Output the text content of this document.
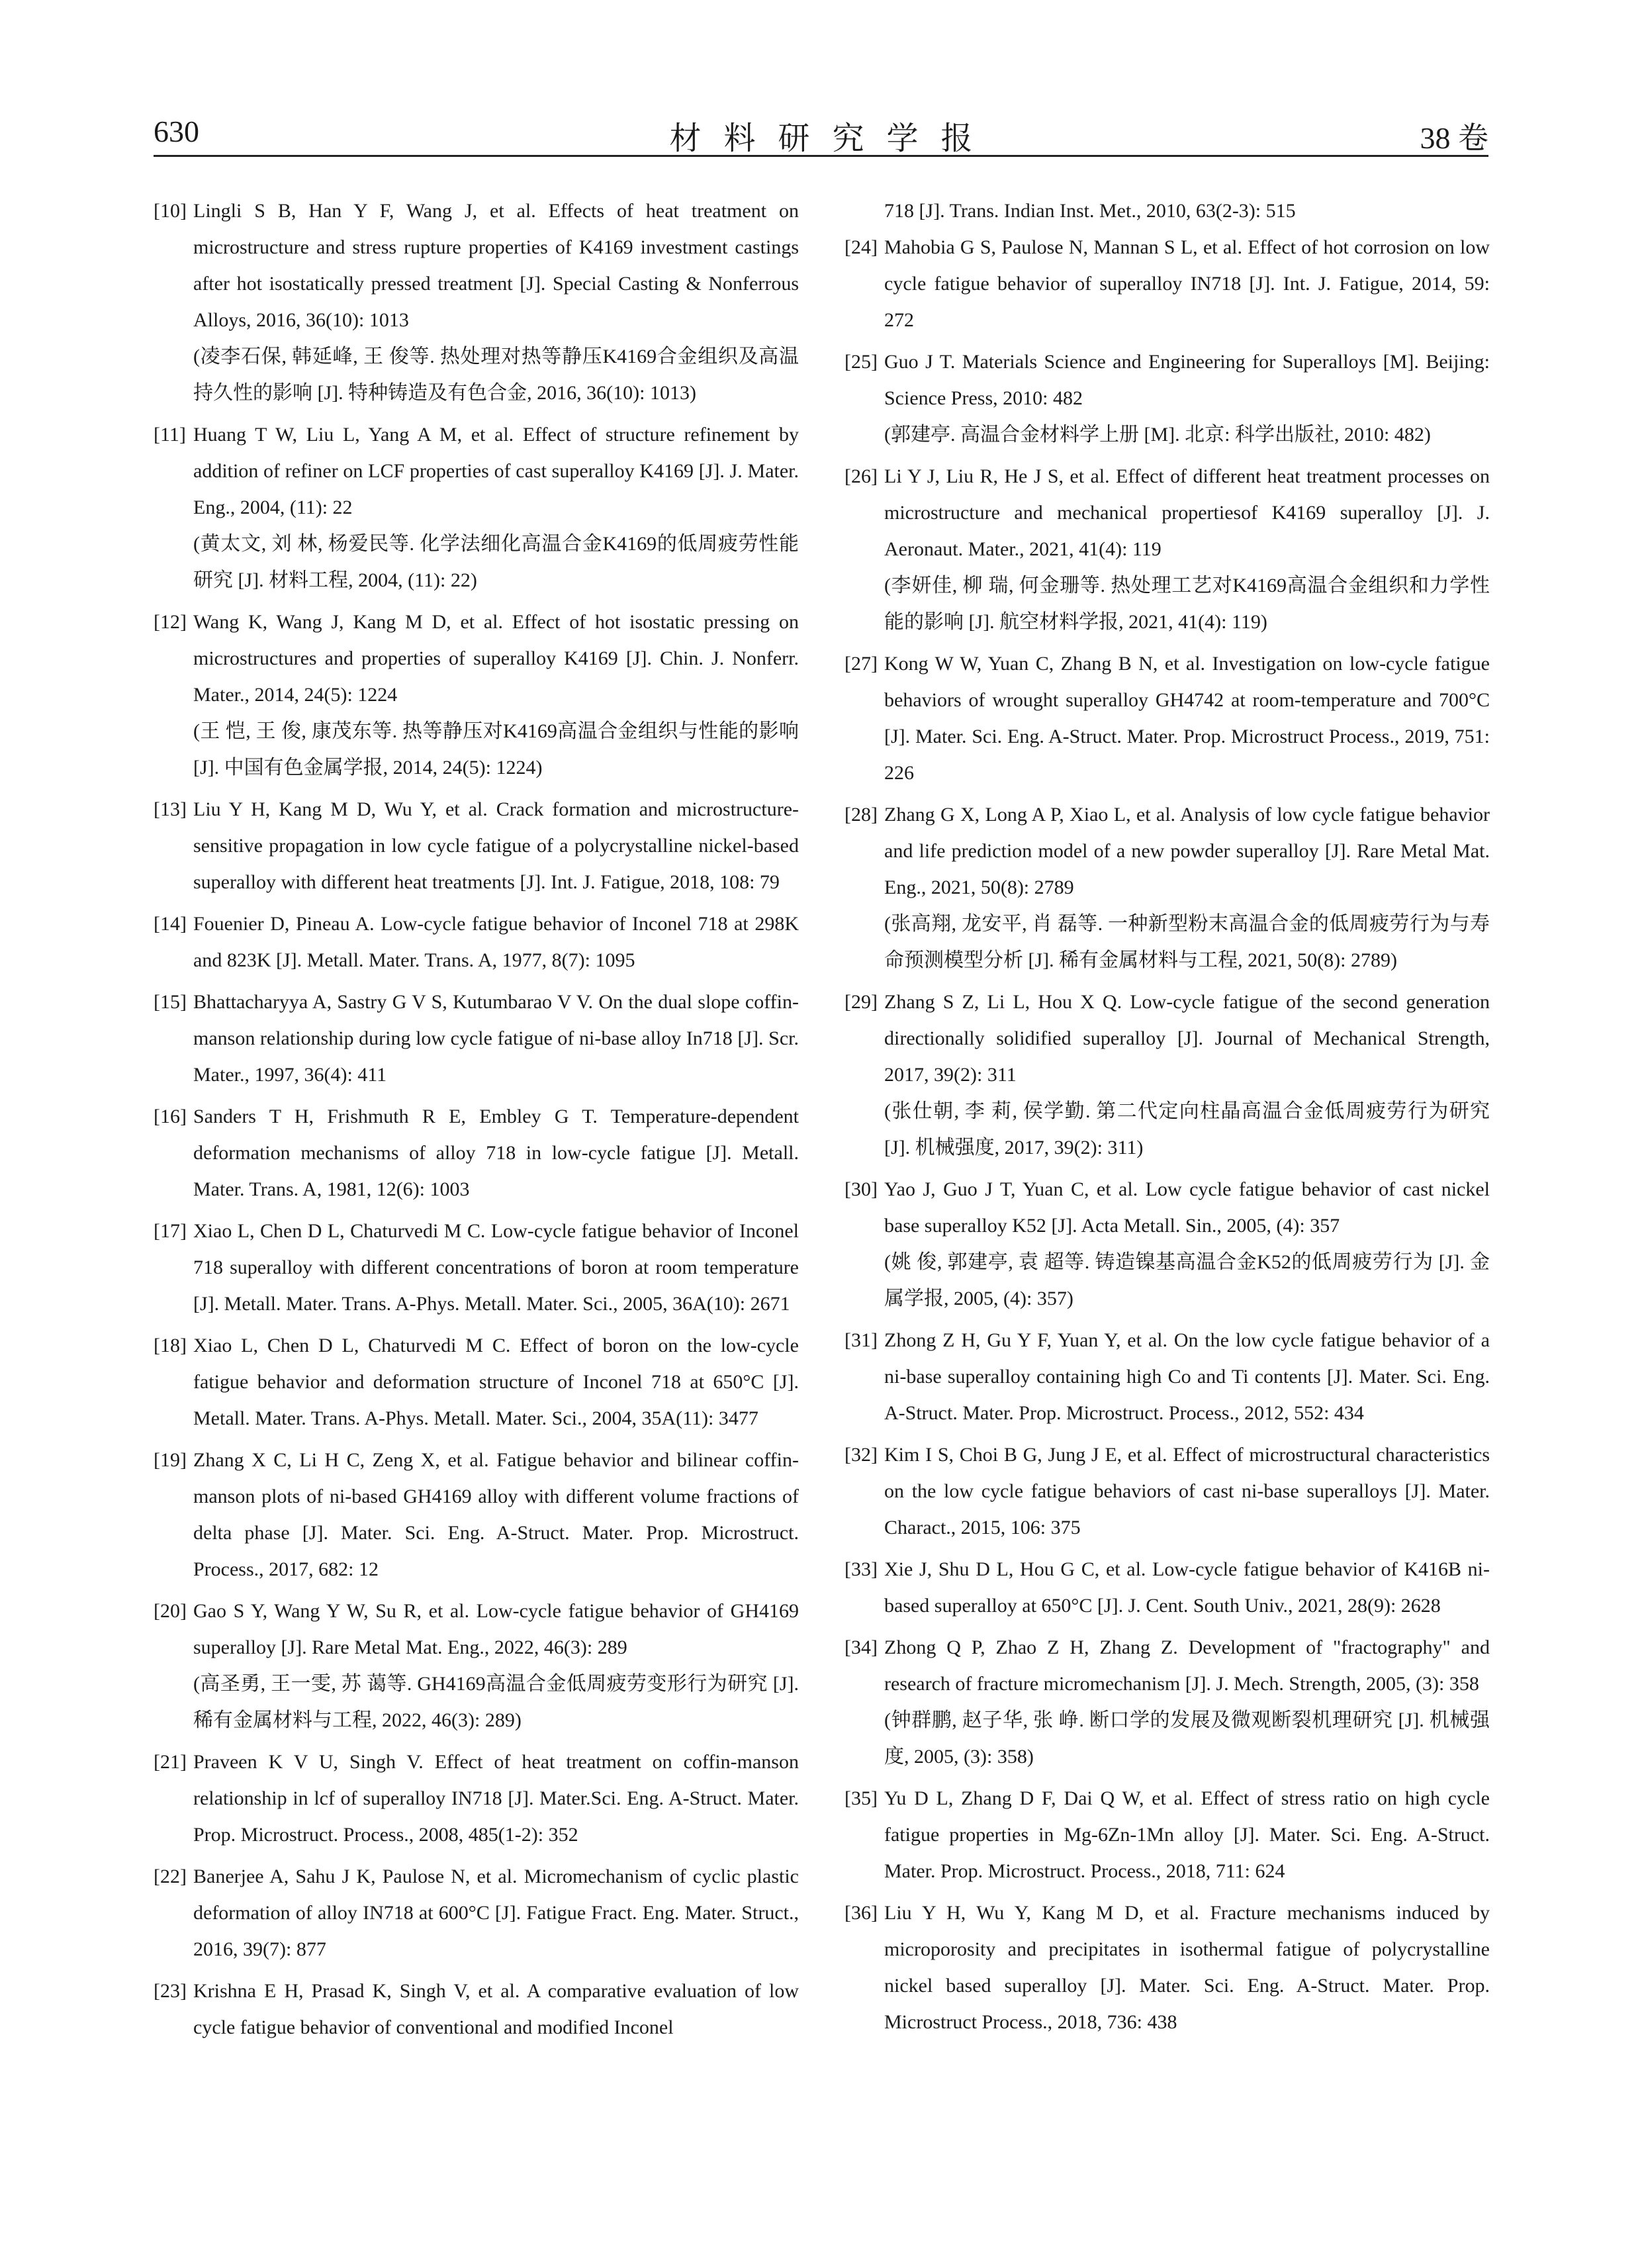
630	材料研究学报	38 卷
[10] Lingli S B, Han Y F, Wang J, et al. Effects of heat treatment on microstructure and stress rupture properties of K4169 investment castings after hot isostatically pressed treatment [J]. Special Casting & Nonferrous Alloys, 2016, 36(10): 1013
(凌李石保, 韩延峰, 王 俊等. 热处理对热等静压K4169合金组织及高温持久性的影响 [J]. 特种铸造及有色合金, 2016, 36(10): 1013)
[11] Huang T W, Liu L, Yang A M, et al. Effect of structure refinement by addition of refiner on LCF properties of cast superalloy K4169 [J]. J. Mater. Eng., 2004, (11): 22
(黄太文, 刘 林, 杨爱民等. 化学法细化高温合金K4169的低周疲劳性能研究 [J]. 材料工程, 2004, (11): 22)
[12] Wang K, Wang J, Kang M D, et al. Effect of hot isostatic pressing on microstructures and properties of superalloy K4169 [J]. Chin. J. Nonferr. Mater., 2014, 24(5): 1224
(王 恺, 王 俊, 康茂东等. 热等静压对K4169高温合金组织与性能的影响 [J]. 中国有色金属学报, 2014, 24(5): 1224)
[13] Liu Y H, Kang M D, Wu Y, et al. Crack formation and microstructure-sensitive propagation in low cycle fatigue of a polycrystalline nickel-based superalloy with different heat treatments [J]. Int. J. Fatigue, 2018, 108: 79
[14] Fouenier D, Pineau A. Low-cycle fatigue behavior of Inconel 718 at 298K and 823K [J]. Metall. Mater. Trans. A, 1977, 8(7): 1095
[15] Bhattacharyya A, Sastry G V S, Kutumbarao V V. On the dual slope coffin-manson relationship during low cycle fatigue of ni-base alloy In718 [J]. Scr. Mater., 1997, 36(4): 411
[16] Sanders T H, Frishmuth R E, Embley G T. Temperature-dependent deformation mechanisms of alloy 718 in low-cycle fatigue [J]. Metall. Mater. Trans. A, 1981, 12(6): 1003
[17] Xiao L, Chen D L, Chaturvedi M C. Low-cycle fatigue behavior of Inconel 718 superalloy with different concentrations of boron at room temperature [J]. Metall. Mater. Trans. A-Phys. Metall. Mater. Sci., 2005, 36A(10): 2671
[18] Xiao L, Chen D L, Chaturvedi M C. Effect of boron on the low-cycle fatigue behavior and deformation structure of Inconel 718 at 650°C [J]. Metall. Mater. Trans. A-Phys. Metall. Mater. Sci., 2004, 35A(11): 3477
[19] Zhang X C, Li H C, Zeng X, et al. Fatigue behavior and bilinear coffin-manson plots of ni-based GH4169 alloy with different volume fractions of delta phase [J]. Mater. Sci. Eng. A-Struct. Mater. Prop. Microstruct. Process., 2017, 682: 12
[20] Gao S Y, Wang Y W, Su R, et al. Low-cycle fatigue behavior of GH4169 superalloy [J]. Rare Metal Mat. Eng., 2022, 46(3): 289
(高圣勇, 王一雯, 苏 蔼等. GH4169高温合金低周疲劳变形行为研究 [J]. 稀有金属材料与工程, 2022, 46(3): 289)
[21] Praveen K V U, Singh V. Effect of heat treatment on coffin-manson relationship in lcf of superalloy IN718 [J]. Mater.Sci. Eng. A-Struct. Mater. Prop. Microstruct. Process., 2008, 485(1-2): 352
[22] Banerjee A, Sahu J K, Paulose N, et al. Micromechanism of cyclic plastic deformation of alloy IN718 at 600°C [J]. Fatigue Fract. Eng. Mater. Struct., 2016, 39(7): 877
[23] Krishna E H, Prasad K, Singh V, et al. A comparative evaluation of low cycle fatigue behavior of conventional and modified Inconel
718 [J]. Trans. Indian Inst. Met., 2010, 63(2-3): 515
[24] Mahobia G S, Paulose N, Mannan S L, et al. Effect of hot corrosion on low cycle fatigue behavior of superalloy IN718 [J]. Int. J. Fatigue, 2014, 59: 272
[25] Guo J T. Materials Science and Engineering for Superalloys [M]. Beijing: Science Press, 2010: 482
(郭建亭. 高温合金材料学上册 [M]. 北京: 科学出版社, 2010: 482)
[26] Li Y J, Liu R, He J S, et al. Effect of different heat treatment processes on microstructure and mechanical propertiesof K4169 superalloy [J]. J. Aeronaut. Mater., 2021, 41(4): 119
(李妍佳, 柳 瑞, 何金珊等. 热处理工艺对K4169高温合金组织和力学性能的影响 [J]. 航空材料学报, 2021, 41(4): 119)
[27] Kong W W, Yuan C, Zhang B N, et al. Investigation on low-cycle fatigue behaviors of wrought superalloy GH4742 at room-temperature and 700°C [J]. Mater. Sci. Eng. A-Struct. Mater. Prop. Microstruct Process., 2019, 751: 226
[28] Zhang G X, Long A P, Xiao L, et al. Analysis of low cycle fatigue behavior and life prediction model of a new powder superalloy [J]. Rare Metal Mat. Eng., 2021, 50(8): 2789
(张高翔, 龙安平, 肖 磊等. 一种新型粉末高温合金的低周疲劳行为与寿命预测模型分析 [J]. 稀有金属材料与工程, 2021, 50(8): 2789)
[29] Zhang S Z, Li L, Hou X Q. Low-cycle fatigue of the second generation directionally solidified superalloy [J]. Journal of Mechanical Strength, 2017, 39(2): 311
(张仕朝, 李 莉, 侯学勤. 第二代定向柱晶高温合金低周疲劳行为研究 [J]. 机械强度, 2017, 39(2): 311)
[30] Yao J, Guo J T, Yuan C, et al. Low cycle fatigue behavior of cast nickel base superalloy K52 [J]. Acta Metall. Sin., 2005, (4): 357
(姚 俊, 郭建亭, 袁 超等. 铸造镍基高温合金K52的低周疲劳行为 [J]. 金属学报, 2005, (4): 357)
[31] Zhong Z H, Gu Y F, Yuan Y, et al. On the low cycle fatigue behavior of a ni-base superalloy containing high Co and Ti contents [J]. Mater. Sci. Eng. A-Struct. Mater. Prop. Microstruct. Process., 2012, 552: 434
[32] Kim I S, Choi B G, Jung J E, et al. Effect of microstructural characteristics on the low cycle fatigue behaviors of cast ni-base superalloys [J]. Mater. Charact., 2015, 106: 375
[33] Xie J, Shu D L, Hou G C, et al. Low-cycle fatigue behavior of K416B ni-based superalloy at 650°C [J]. J. Cent. South Univ., 2021, 28(9): 2628
[34] Zhong Q P, Zhao Z H, Zhang Z. Development of "fractography" and research of fracture micromechanism [J]. J. Mech. Strength, 2005, (3): 358
(钟群鹏, 赵子华, 张 峥. 断口学的发展及微观断裂机理研究 [J]. 机械强度, 2005, (3): 358)
[35] Yu D L, Zhang D F, Dai Q W, et al. Effect of stress ratio on high cycle fatigue properties in Mg-6Zn-1Mn alloy [J]. Mater. Sci. Eng. A-Struct. Mater. Prop. Microstruct. Process., 2018, 711: 624
[36] Liu Y H, Wu Y, Kang M D, et al. Fracture mechanisms induced by microporosity and precipitates in isothermal fatigue of polycrystalline nickel based superalloy [J]. Mater. Sci. Eng. A-Struct. Mater. Prop. Microstruct Process., 2018, 736: 438
